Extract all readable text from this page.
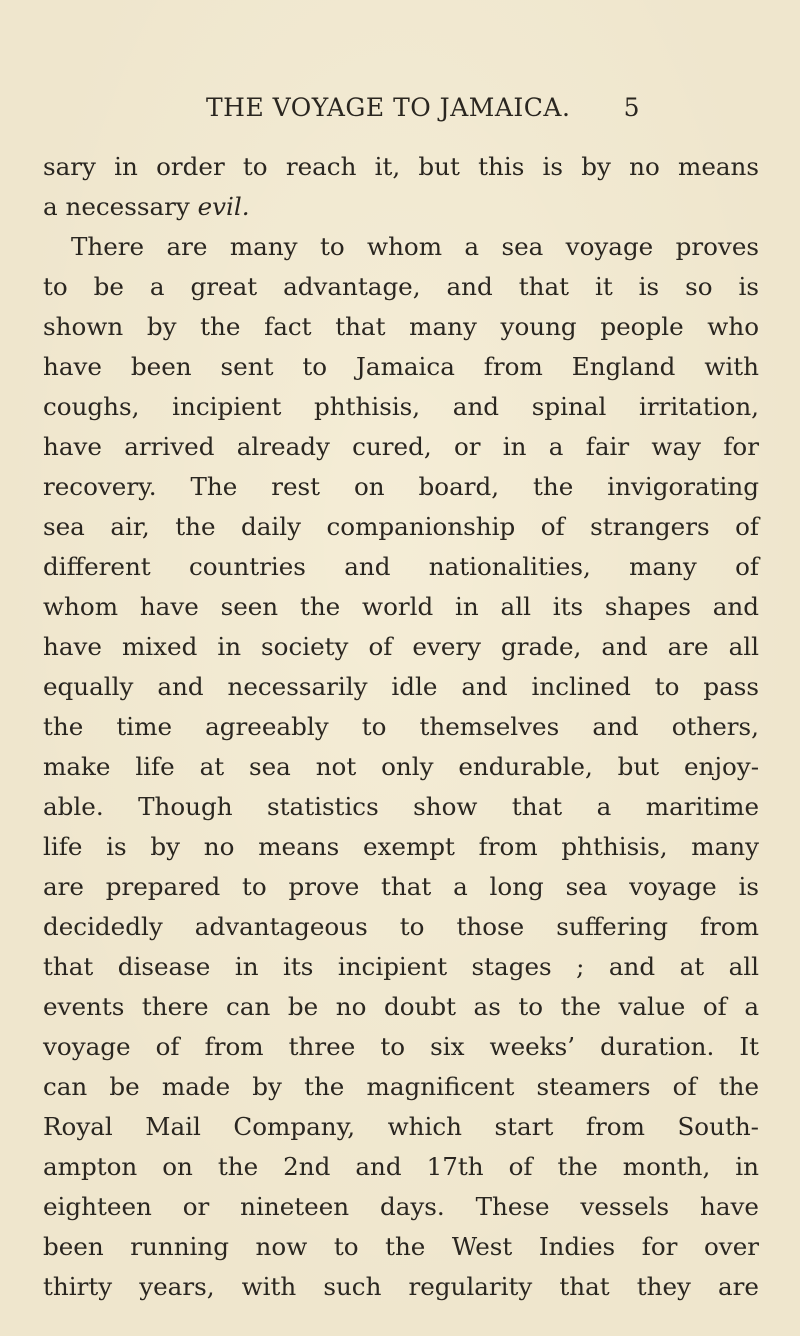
THE VOYAGE TO JAMAICA. 5
sary in order to reach it, but this is by no means
a necessary evil.
There are many to whom a sea voyage proves
to be a great advantage, and that it is so is
shown by the fact that many young people who
have been sent to Jamaica from England with
coughs, incipient phthisis, and spinal irritation,
have arrived already cured, or in a fair way for
recovery. The rest on board, the invigorating
sea air, the daily companionship of strangers of
different countries and nationalities, many of
whom have seen the world in all its shapes and
have mixed in society of every grade, and are all
equally and necessarily idle and inclined to pass
the time agreeably to themselves and others,
make life at sea not only endurable, but enjoy-
able. Though statistics show that a maritime
life is by no means exempt from phthisis, many
are prepared to prove that a long sea voyage is
decidedly advantageous to those suffering from
that disease in its incipient stages ; and at all
events there can be no doubt as to the value of a
voyage of from three to six weeks’ duration. It
can be made by the magnificent steamers of the
Royal Mail Company, which start from South-
ampton on the 2nd and 17th of the month, in
eighteen or nineteen days. These vessels have
been running now to the West Indies for over
thirty years, with such regularity that they are
